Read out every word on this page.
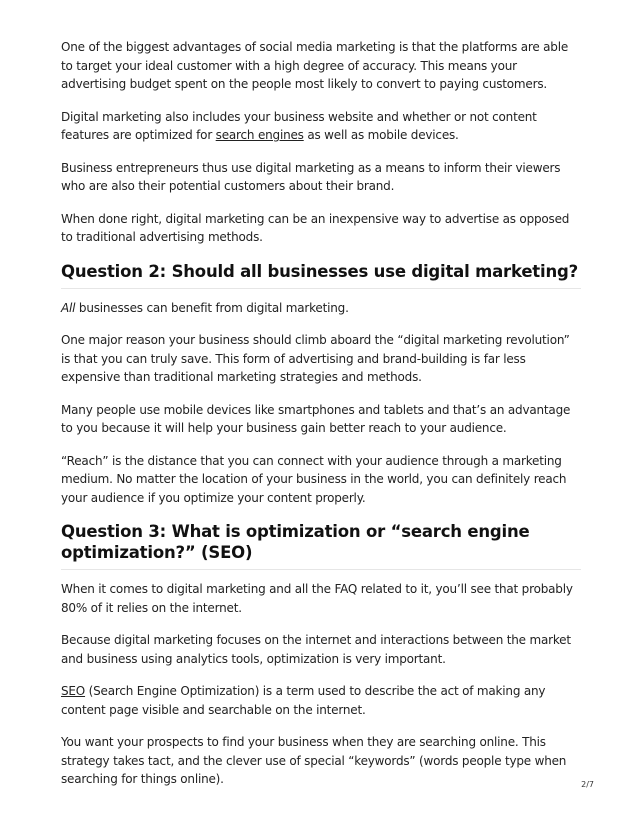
One of the biggest advantages of social media marketing is that the platforms are able to target your ideal customer with a high degree of accuracy. This means your advertising budget spent on the people most likely to convert to paying customers.

Digital marketing also includes your business website and whether or not content features are optimized for search engines as well as mobile devices.

Business entrepreneurs thus use digital marketing as a means to inform their viewers who are also their potential customers about their brand.

When done right, digital marketing can be an inexpensive way to advertise as opposed to traditional advertising methods.

Question 2: Should all businesses use digital marketing?

All businesses can benefit from digital marketing.

One major reason your business should climb aboard the “digital marketing revolution” is that you can truly save. This form of advertising and brand-building is far less expensive than traditional marketing strategies and methods.

Many people use mobile devices like smartphones and tablets and that’s an advantage to you because it will help your business gain better reach to your audience.

“Reach” is the distance that you can connect with your audience through a marketing medium. No matter the location of your business in the world, you can definitely reach your audience if you optimize your content properly.

Question 3: What is optimization or “search engine optimization?” (SEO)

When it comes to digital marketing and all the FAQ related to it, you’ll see that probably 80% of it relies on the internet.

Because digital marketing focuses on the internet and interactions between the market and business using analytics tools, optimization is very important.

SEO (Search Engine Optimization) is a term used to describe the act of making any content page visible and searchable on the internet.

You want your prospects to find your business when they are searching online. This strategy takes tact, and the clever use of special “keywords” (words people type when searching for things online).	2/7
